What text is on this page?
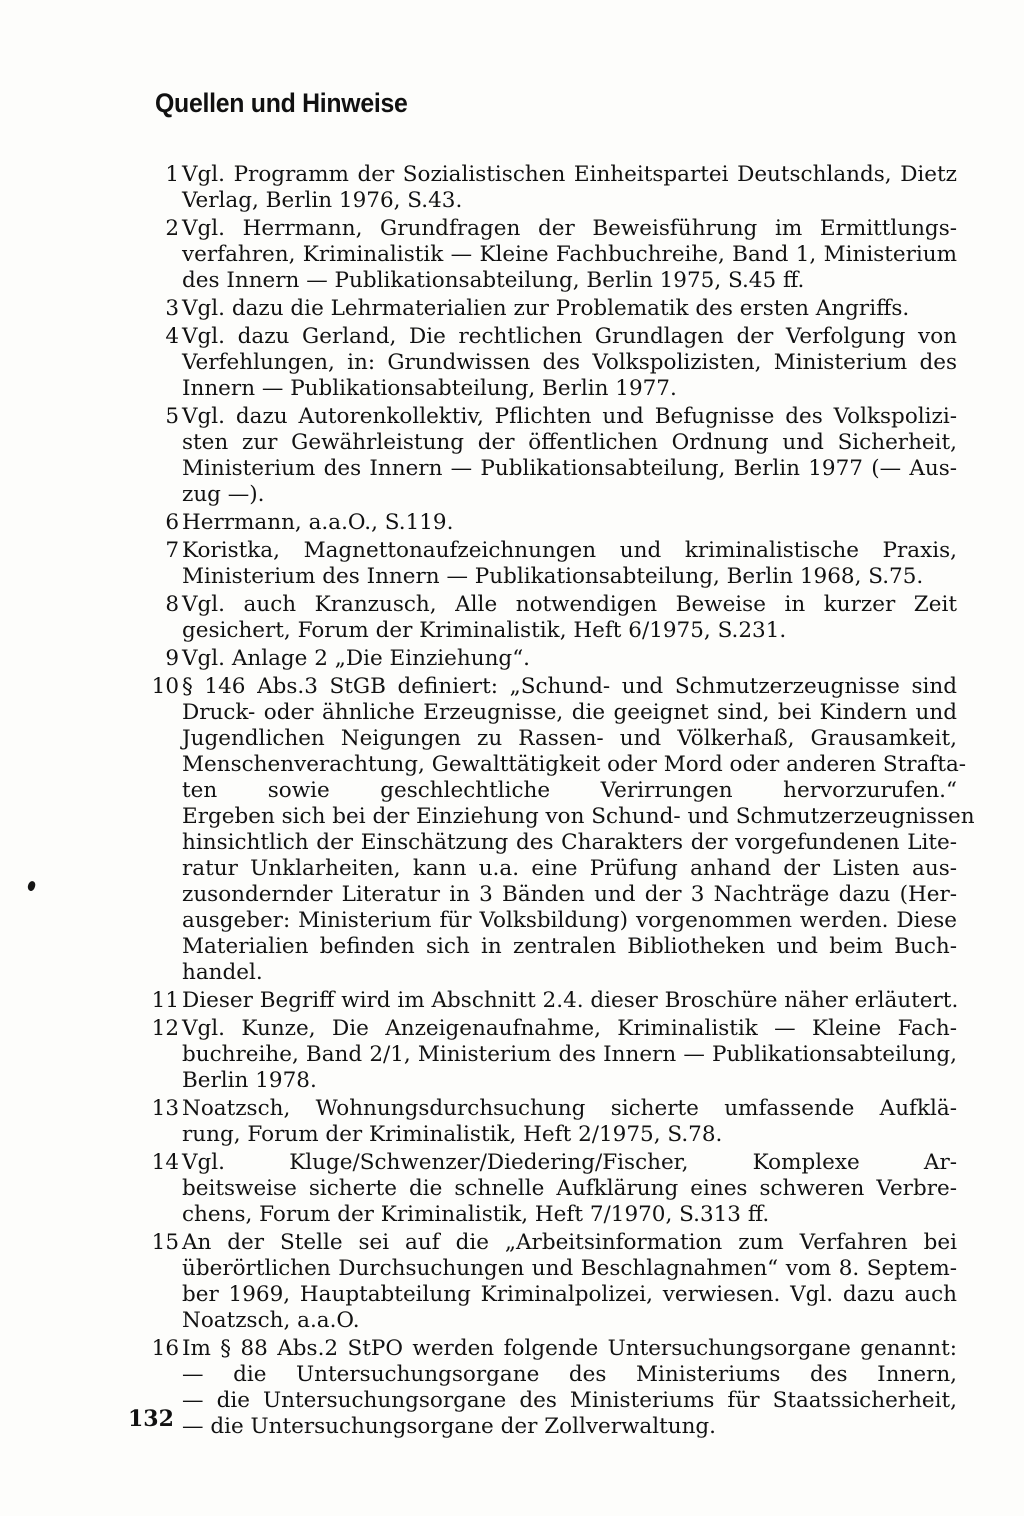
Quellen und Hinweise
1 Vgl. Programm der Sozialistischen Einheitspartei Deutschlands, Dietz
Verlag, Berlin 1976, S.43.
2 Vgl. Herrmann, Grundfragen der Beweisführung im Ermittlungs-
verfahren, Kriminalistik — Kleine Fachbuchreihe, Band 1, Ministerium
des Innern — Publikationsabteilung, Berlin 1975, S.45 ff.
3 Vgl. dazu die Lehrmaterialien zur Problematik des ersten Angriffs.
4 Vgl. dazu Gerland, Die rechtlichen Grundlagen der Verfolgung von
Verfehlungen, in: Grundwissen des Volkspolizisten, Ministerium des
Innern — Publikationsabteilung, Berlin 1977.
5 Vgl. dazu Autorenkollektiv, Pflichten und Befugnisse des Volkspolizi-
sten zur Gewährleistung der öffentlichen Ordnung und Sicherheit,
Ministerium des Innern — Publikationsabteilung, Berlin 1977 (— Aus-
zug —).
6 Herrmann, a.a.O., S.119.
7 Koristka, Magnettonaufzeichnungen und kriminalistische Praxis,
Ministerium des Innern — Publikationsabteilung, Berlin 1968, S.75.
8 Vgl. auch Kranzusch, Alle notwendigen Beweise in kurzer Zeit
gesichert, Forum der Kriminalistik, Heft 6/1975, S.231.
9 Vgl. Anlage 2 „Die Einziehung“.
10 § 146 Abs.3 StGB definiert: „Schund- und Schmutzerzeugnisse sind
Druck- oder ähnliche Erzeugnisse, die geeignet sind, bei Kindern und
Jugendlichen Neigungen zu Rassen- und Völkerhaß, Grausamkeit,
Menschenverachtung, Gewalttätigkeit oder Mord oder anderen Straftа-
ten sowie geschlechtliche Verirrungen hervorzurufen.“
Ergeben sich bei der Einziehung von Schund- und Schmutzerzeugnissen
hinsichtlich der Einschätzung des Charakters der vorgefundenen Lite-
ratur Unklarheiten, kann u.a. eine Prüfung anhand der Listen aus-
zusondernder Literatur in 3 Bänden und der 3 Nachträge dazu (Her-
ausgeber: Ministerium für Volksbildung) vorgenommen werden. Diese
Materialien befinden sich in zentralen Bibliotheken und beim Buch-
handel.
11 Dieser Begriff wird im Abschnitt 2.4. dieser Broschüre näher erläutert.
12 Vgl. Kunze, Die Anzeigenaufnahme, Kriminalistik — Kleine Fach-
buchreihe, Band 2/1, Ministerium des Innern — Publikationsabteilung,
Berlin 1978.
13 Noatzsch, Wohnungsdurchsuchung sicherte umfassende Aufklä-
rung, Forum der Kriminalistik, Heft 2/1975, S.78.
14 Vgl. Kluge/Schwenzer/Diedering/Fischer, Komplexe Ar-
beitsweise sicherte die schnelle Aufklärung eines schweren Verbre-
chens, Forum der Kriminalistik, Heft 7/1970, S.313 ff.
15 An der Stelle sei auf die „Arbeitsinformation zum Verfahren bei
überörtlichen Durchsuchungen und Beschlagnahmen“ vom 8. Septem-
ber 1969, Hauptabteilung Kriminalpolizei, verwiesen. Vgl. dazu auch
Noatzsch, a.a.O.
16 Im § 88 Abs.2 StPO werden folgende Untersuchungsorgane genannt:
— die Untersuchungsorgane des Ministeriums des Innern,
— die Untersuchungsorgane des Ministeriums für Staatssicherheit,
— die Untersuchungsorgane der Zollverwaltung.
132
